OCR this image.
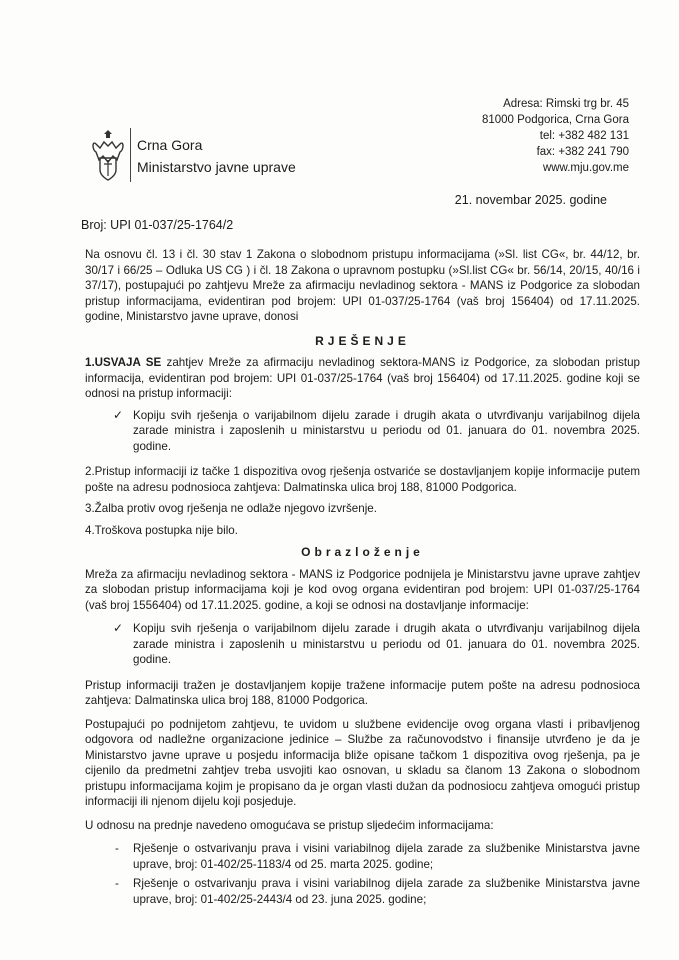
Crna Gora
Ministarstvo javne uprave
Adresa: Rimski trg br. 45
81000 Podgorica, Crna Gora
tel: +382 482 131
fax: +382 241 790
www.mju.gov.me
21. novembar 2025. godine
Broj: UPI 01-037/25-1764/2

Na osnovu čl. 13 i čl. 30 stav 1 Zakona o slobodnom pristupu informacijama (»Sl. list CG«, br. 44/12, br. 30/17 i 66/25 – Odluka US CG ) i čl. 18 Zakona o upravnom postupku (»Sl.list CG« br. 56/14, 20/15, 40/16 i 37/17), postupajući po zahtjevu Mreže za afirmaciju nevladinog sektora - MANS iz Podgorice za slobodan pristup informacijama, evidentiran pod brojem: UPI 01-037/25-1764 (vaš broj 156404) od 17.11.2025. godine, Ministarstvo javne uprave, donosi

RJEŠENJE

1.USVAJA SE zahtjev Mreže za afirmaciju nevladinog sektora-MANS iz Podgorice, za slobodan pristup informacija, evidentiran pod brojem: UPI 01-037/25-1764 (vaš broj 156404) od 17.11.2025. godine koji se odnosi na pristup informaciji:

✓ Kopiju svih rješenja o varijabilnom dijelu zarade i drugih akata o utvrđivanju varijabilnog dijela zarade ministra i zaposlenih u ministarstvu u periodu od 01. januara do 01. novembra 2025. godine.

2.Pristup informaciji iz tačke 1 dispozitiva ovog rješenja ostvariće se dostavljanjem kopije informacije putem pošte na adresu podnosioca zahtjeva: Dalmatinska ulica broj 188, 81000 Podgorica.

3.Žalba protiv ovog rješenja ne odlaže njegovo izvršenje.

4.Troškova postupka nije bilo.

Obrazloženje

Mreža za afirmaciju nevladinog sektora - MANS iz Podgorice podnijela je Ministarstvu javne uprave zahtjev za slobodan pristup informacijama koji je kod ovog organa evidentiran pod brojem: UPI 01-037/25-1764 (vaš broj 1556404) od 17.11.2025. godine, a koji se odnosi na dostavljanje informacije:

✓ Kopiju svih rješenja o varijabilnom dijelu zarade i drugih akata o utvrđivanju varijabilnog dijela zarade ministra i zaposlenih u ministarstvu u periodu od 01. januara do 01. novembra 2025. godine.

Pristup informaciji tražen je dostavljanjem kopije tražene informacije putem pošte na adresu podnosioca zahtjeva: Dalmatinska ulica broj 188, 81000 Podgorica.

Postupajući po podnijetom zahtjevu, te uvidom u službene evidencije ovog organa vlasti i pribavljenog odgovora od nadležne organizacione jedinice – Službe za računovodstvo i finansije utvrđeno je da je Ministarstvo javne uprave u posjedu informacija bliže opisane tačkom 1 dispozitiva ovog rješenja, pa je cijenilo da predmetni zahtjev treba usvojiti kao osnovan, u skladu sa članom 13 Zakona o slobodnom pristupu informacijama kojim je propisano da je organ vlasti dužan da podnosiocu zahtjeva omogući pristup informaciji ili njenom dijelu koji posjeduje.

U odnosu na prednje navedeno omogućava se pristup sljedećim informacijama:

-	Rješenje o ostvarivanju prava i visini variabilnog dijela zarade za službenike Ministarstva javne uprave, broj: 01-402/25-1183/4 od 25. marta 2025. godine;
-	Rješenje o ostvarivanju prava i visini variabilnog dijela zarade za službenike Ministarstva javne uprave, broj: 01-402/25-2443/4 od 23. juna 2025. godine;
